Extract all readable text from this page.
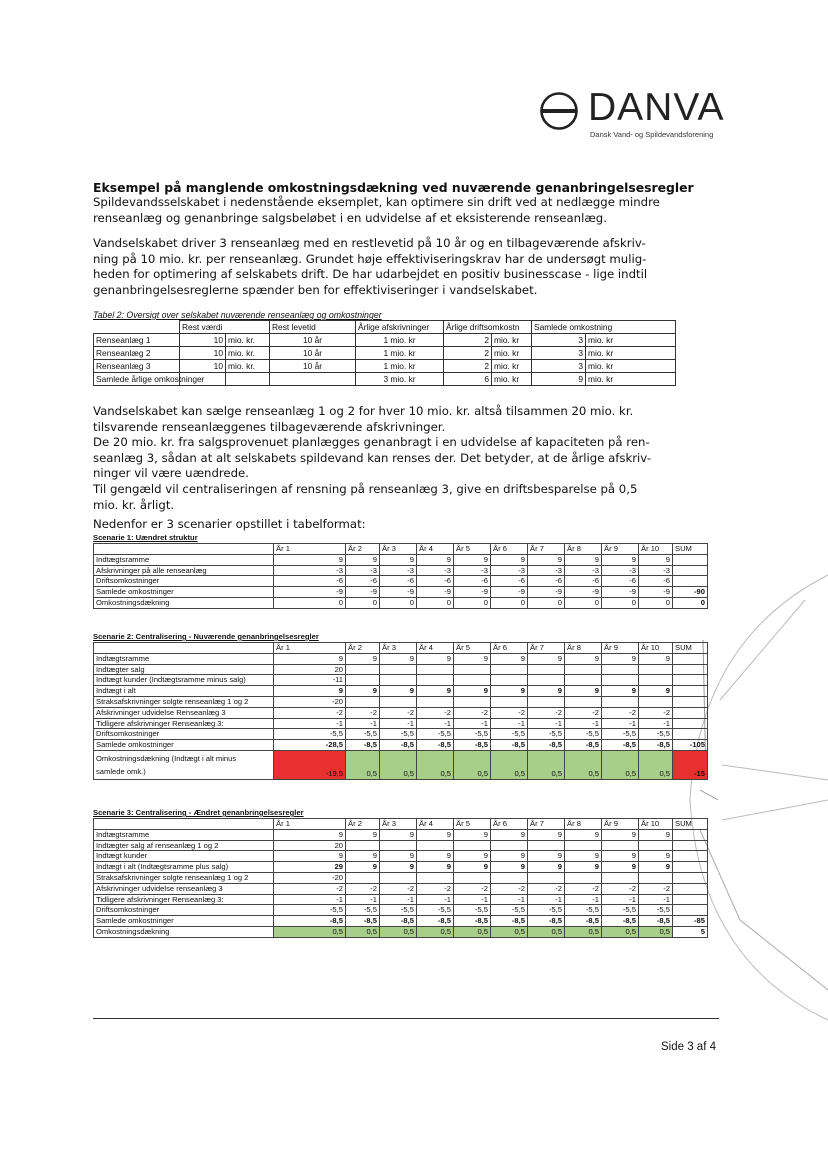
DANVA
Dansk Vand- og Spildevandsforening
Eksempel på manglende omkostningsdækning ved nuværende genanbringelsesregler
Spildevandsselskabet i nedenstående eksemplet, kan optimere sin drift ved at nedlægge mindre
renseanlæg og genanbringe salgsbeløbet i en udvidelse af et eksisterende renseanlæg.
Vandselskabet driver 3 renseanlæg med en restlevetid på 10 år og en tilbageværende afskriv-
ning på 10 mio. kr. per renseanlæg. Grundet høje effektiviseringskrav har de undersøgt mulig-
heden for optimering af selskabets drift. De har udarbejdet en positiv businesscase - lige indtil
genanbringelsesreglerne spænder ben for effektiviseringer i vandselskabet.
Tabel 2: Oversigt over selskabet nuværende renseanlæg og omkostninger
	Rest værdi		Rest levetid	Årlige afskrivninger	Årlige driftsomkostn		Samlede omkostning	
Renseanlæg 1	10	mio. kr.	10 år	1 mio. kr	2	mio. kr	3	mio. kr
Renseanlæg 2	10	mio. kr.	10 år	1 mio. kr	2	mio. kr	3	mio. kr
Renseanlæg 3	10	mio. kr.	10 år	1 mio. kr	2	mio. kr	3	mio. kr
Samlede årlige omkostninger				3 mio. kr	6	mio. kr	9	mio. kr
Vandselskabet kan sælge renseanlæg 1 og 2 for hver 10 mio. kr. altså tilsammen 20 mio. kr.
tilsvarende renseanlæggenes tilbageværende afskrivninger.
De 20 mio. kr. fra salgsprovenuet planlægges genanbragt i en udvidelse af kapaciteten på ren-
seanlæg 3, sådan at alt selskabets spildevand kan renses der. Det betyder, at de årlige afskriv-
ninger vil være uændrede.
Til gengæld vil centraliseringen af rensning på renseanlæg 3, give en driftsbesparelse på 0,5
mio. kr. årligt.
Nedenfor er 3 scenarier opstillet i tabelformat:
Scenarie 1: Uændret struktur
	År 1	År 2	År 3	År 4	År 5	År 6	År 7	År 8	År 9	År 10	SUM
Indtægtsramme	9	9	9	9	9	9	9	9	9	9	
Afskrivninger på alle renseanlæg	-3	-3	-3	-3	-3	-3	-3	-3	-3	-3	
Driftsomkostninger	-6	-6	-6	-6	-6	-6	-6	-6	-6	-6	
Samlede omkostninger	-9	-9	-9	-9	-9	-9	-9	-9	-9	-9	-90
Omkostningsdækning	0	0	0	0	0	0	0	0	0	0	0
Scenarie 2: Centralisering - Nuværende genanbringelsesregler
	År 1	År 2	År 3	År 4	År 5	År 6	År 7	År 8	År 9	År 10	SUM
Indtægtsramme	9	9	9	9	9	9	9	9	9	9	
Indtægter salg	20										
Indtægt kunder (Indtægtsramme minus salg)	-11										
Indtægt i alt	9	9	9	9	9	9	9	9	9	9	
Straksafskrivninger solgte renseanlæg 1 og 2	-20										
Afskrivninger udvidelse Renseanlæg 3	-2	-2	-2	-2	-2	-2	-2	-2	-2	-2	
Tidligere afskrivninger Renseanlæg 3:	-1	-1	-1	-1	-1	-1	-1	-1	-1	-1	
Driftsomkostninger	-5,5	-5,5	-5,5	-5,5	-5,5	-5,5	-5,5	-5,5	-5,5	-5,5	
Samlede omkostninger	-28,5	-8,5	-8,5	-8,5	-8,5	-8,5	-8,5	-8,5	-8,5	-8,5	-105

Omkostningsdækning (Indtægt i alt minus
samlede omk.)	-19,5	0,5	0,5	0,5	0,5	0,5	0,5	0,5	0,5	0,5	-15
Scenarie 3: Centralisering - Ændret genanbringelsesregler
	År 1	År 2	År 3	År 4	År 5	År 6	År 7	År 8	År 9	År 10	SUM
Indtægtsramme	9	9	9	9	9	9	9	9	9	9	
Indtægter salg af renseanlæg 1 og 2	20										
Indtægt kunder	9	9	9	9	9	9	9	9	9	9	
Indtægt i alt (Indtægtsramme plus salg)	29	9	9	9	9	9	9	9	9	9	
Straksafskrivninger solgte renseanlæg 1 og 2	-20										
Afskrivninger udvidelse renseanlæg 3	-2	-2	-2	-2	-2	-2	-2	-2	-2	-2	
Tidligere afskrivninger Renseanlæg 3:	-1	-1	-1	-1	-1	-1	-1	-1	-1	-1	
Driftsomkostninger	-5,5	-5,5	-5,5	-5,5	-5,5	-5,5	-5,5	-5,5	-5,5	-5,5	
Samlede omkostninger	-8,5	-8,5	-8,5	-8,5	-8,5	-8,5	-8,5	-8,5	-8,5	-8,5	-85
Omkostningsdækning	0,5	0,5	0,5	0,5	0,5	0,5	0,5	0,5	0,5	0,5	5
Side 3 af 4
